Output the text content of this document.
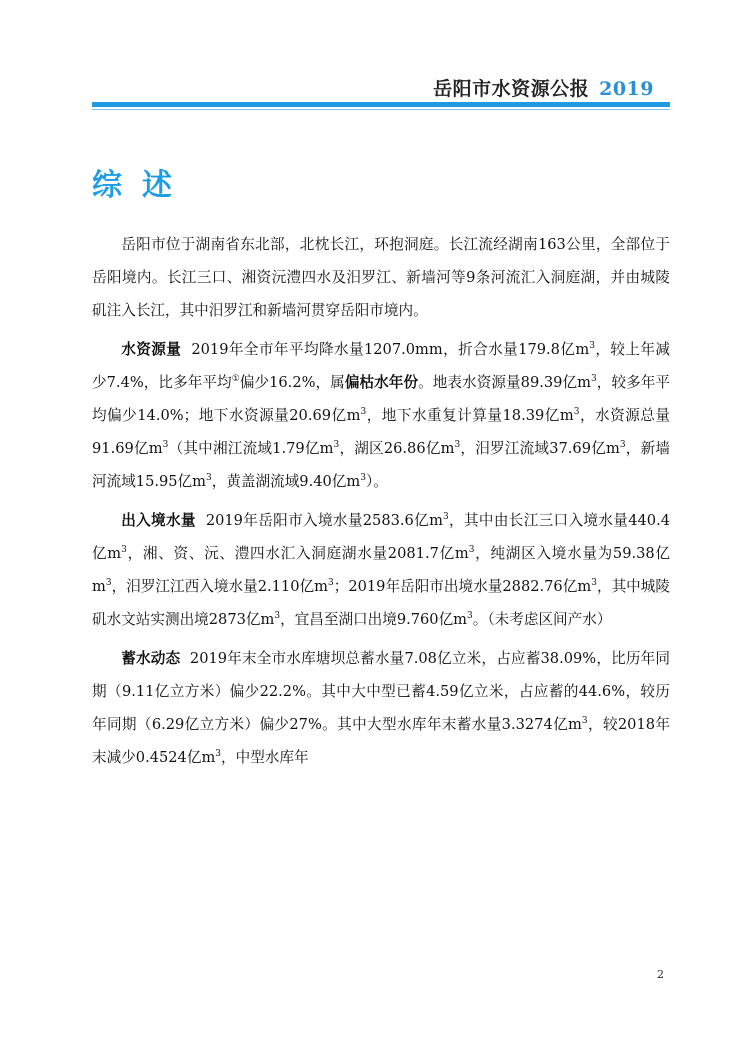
岳阳市水资源公报 2019
综述

岳阳市位于湖南省东北部，北枕长江，环抱洞庭。长江流经湖南163公里，全部位于岳阳境内。长江三口、湘资沅澧四水及汨罗江、新墙河等9条河流汇入洞庭湖，并由城陵矶注入长江，其中汨罗江和新墙河贯穿岳阳市境内。

水资源量 2019年全市年平均降水量1207.0mm，折合水量179.8亿$m^3$，较上年减少7.4%，比多年平均①偏少16.2%，属偏枯水年份。地表水资源量89.39亿$m^3$，较多年平均偏少14.0%；地下水资源量20.69亿$m^3$，地下水重复计算量18.39亿$m^3$，水资源总量91.69亿$m^3$（其中湘江流域1.79亿$m^3$，湖区26.86亿$m^3$，汨罗江流域37.69亿$m^3$，新墙河流域15.95亿$m^3$，黄盖湖流域9.40亿$m^3$）。

出入境水量 2019年岳阳市入境水量2583.6亿$m^3$，其中由长江三口入境水量440.4亿$m^3$，湘、资、沅、澧四水汇入洞庭湖水量2081.7亿$m^3$，纯湖区入境水量为59.38亿$m^3$，汨罗江江西入境水量2.110亿$m^3$；2019年岳阳市出境水量2882.76亿$m^3$，其中城陵矶水文站实测出境2873亿$m^3$，宜昌至湖口出境9.760亿$m^3$。（未考虑区间产水）

蓄水动态 2019年末全市水库塘坝总蓄水量7.08亿立米，占应蓄38.09%，比历年同期（9.11亿立方米）偏少22.2%。其中大中型已蓄4.59亿立米，占应蓄的44.6%，较历年同期（6.29亿立方米）偏少27%。其中大型水库年末蓄水量3.3274亿$m^3$，较2018年末减少0.4524亿$m^3$，中型水库年

2
